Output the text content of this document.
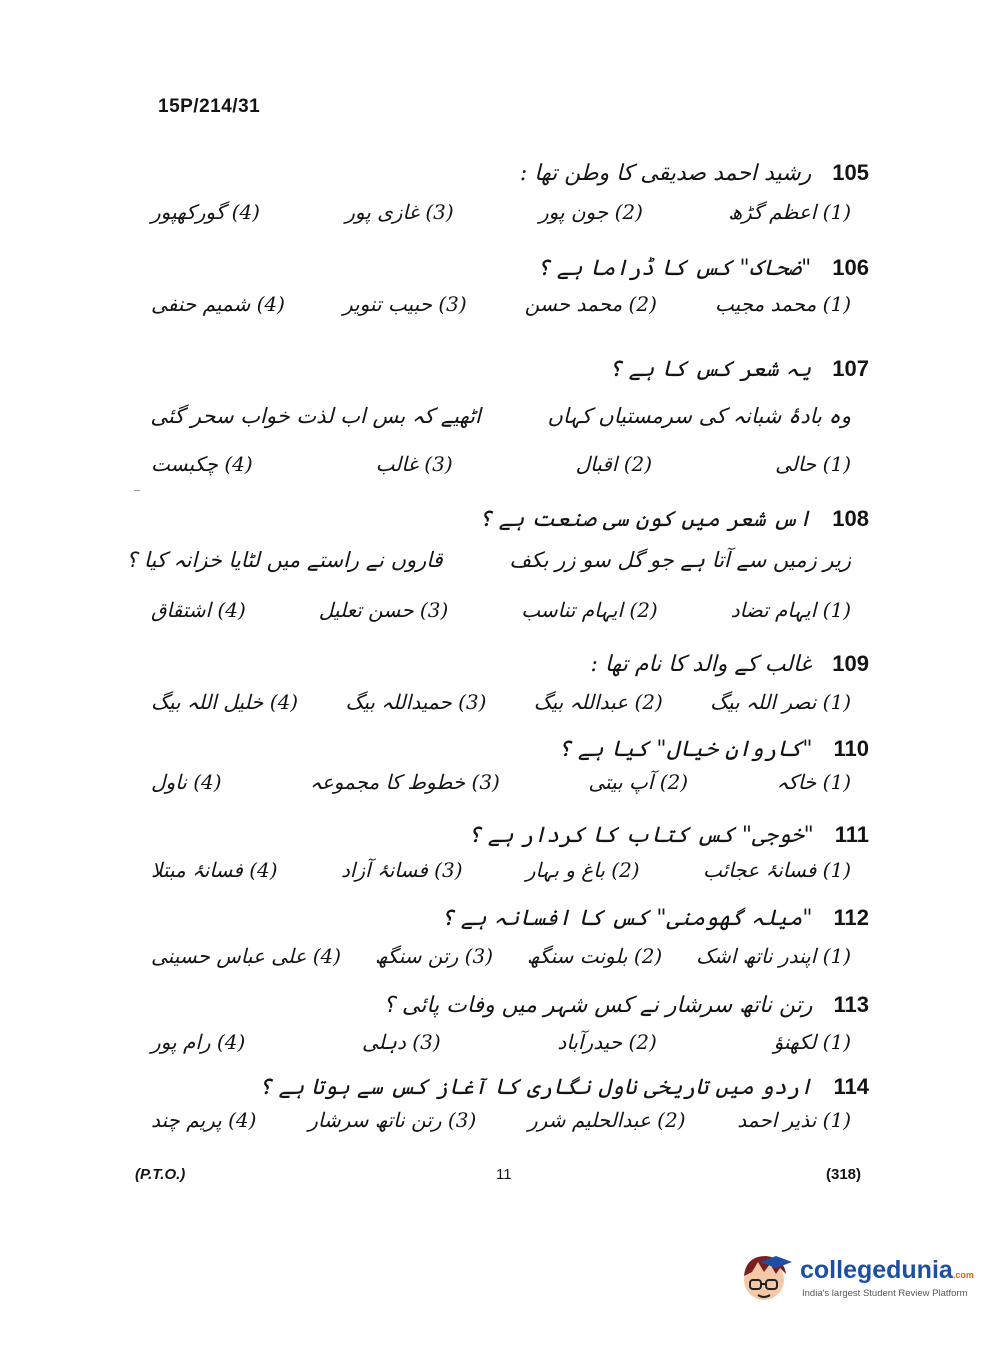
15P/214/31
105 رشید احمد صدیقی کا وطن تھا :
(1) اعظم گڑھ
(2) جون پور
(3) غازی پور
(4) گورکھپور
106 "ضحاک" کس کا ڈراما ہے ؟
(1) محمد مجیب
(2) محمد حسن
(3) حبیب تنویر
(4) شمیم حنفی
107 یہ شعر کس کا ہے ؟
وہ بادۂ شبانہ کی سرمستیاں کہاں اٹھیے کہ بس اب لذت خواب سحر گئی
(1) حالی
(2) اقبال
(3) غالب
(4) چکبست
108 اس شعر میں کون سی صنعت ہے ؟
زیر زمیں سے آتا ہے جو گل سو زر بکف قاروں نے راستے میں لٹایا خزانہ کیا ؟
(1) ایہام تضاد
(2) ایہام تناسب
(3) حسن تعلیل
(4) اشتقاق
109 غالب کے والد کا نام تھا :
(1) نصر اللہ بیگ
(2) عبداللہ بیگ
(3) حمیداللہ بیگ
(4) خلیل اللہ بیگ
110 "کاروانِ خیال" کیا ہے ؟
(1) خاکہ
(2) آپ بیتی
(3) خطوط کا مجموعہ
(4) ناول
111 "خوجی" کس کتاب کا کردار ہے ؟
(1) فسانۂ عجائب
(2) باغ و بہار
(3) فسانۂ آزاد
(4) فسانۂ مبتلا
112 "میلہ گھومنی" کس کا افسانہ ہے ؟
(1) اپندر ناتھ اشک
(2) بلونت سنگھ
(3) رتن سنگھ
(4) علی عباس حسینی
113 رتن ناتھ سرشار نے کس شہر میں وفات پائی ؟
(1) لکھنؤ
(2) حیدرآباد
(3) دہلی
(4) رام پور
114 اردو میں تاریخی ناول نگاری کا آغاز کس سے ہوتا ہے ؟
(1) نذیر احمد
(2) عبدالحلیم شرر
(3) رتن ناتھ سرشار
(4) پریم چند
(P.T.O.)	11	(318)
collegedunia.com
India's largest Student Review Platform
